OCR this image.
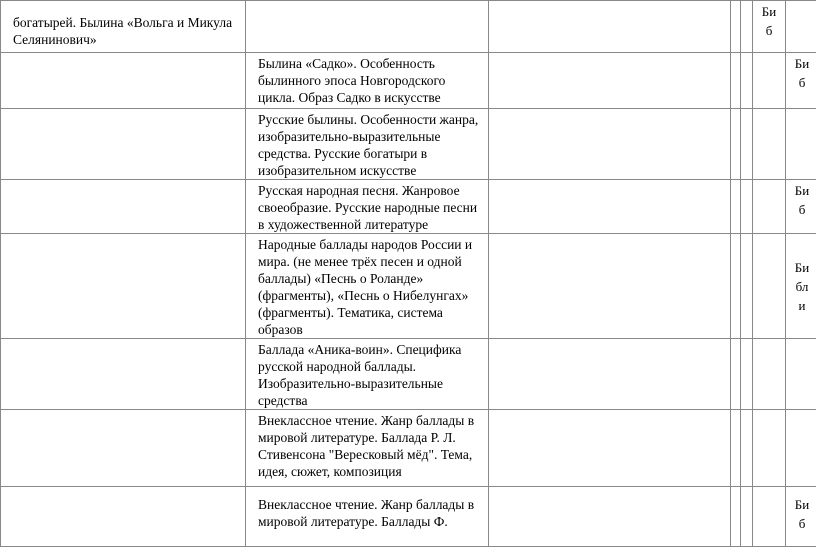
богатырей. Былина «Вольга и Микула Селянинович»					Биб	

	Былина «Садко». Особенность былинного эпоса Новгородского цикла. Образ Садко в искусстве					Биб

	Русские былины. Особенности жанра, изобразительно-выразительные средства. Русские богатыри в изобразительном искусстве				

	Русская народная песня. Жанровое своеобразие. Русские народные песни в художественной литературе					Биб

	Народные баллады народов России и мира. (не менее трёх песен и одной баллады) «Песнь о Роланде» (фрагменты), «Песнь о Нибелунгах» (фрагменты). Тематика, система образов					Библи

	Баллада «Аника-воин». Специфика русской народной баллады. Изобразительно-выразительные средства				

	Внеклассное чтение. Жанр баллады в мировой литературе. Баллада Р. Л. Стивенсона "Вересковый мёд". Тема, идея, сюжет, композиция				

	Внеклассное чтение. Жанр баллады в мировой литературе. Баллады Ф.					Биб
